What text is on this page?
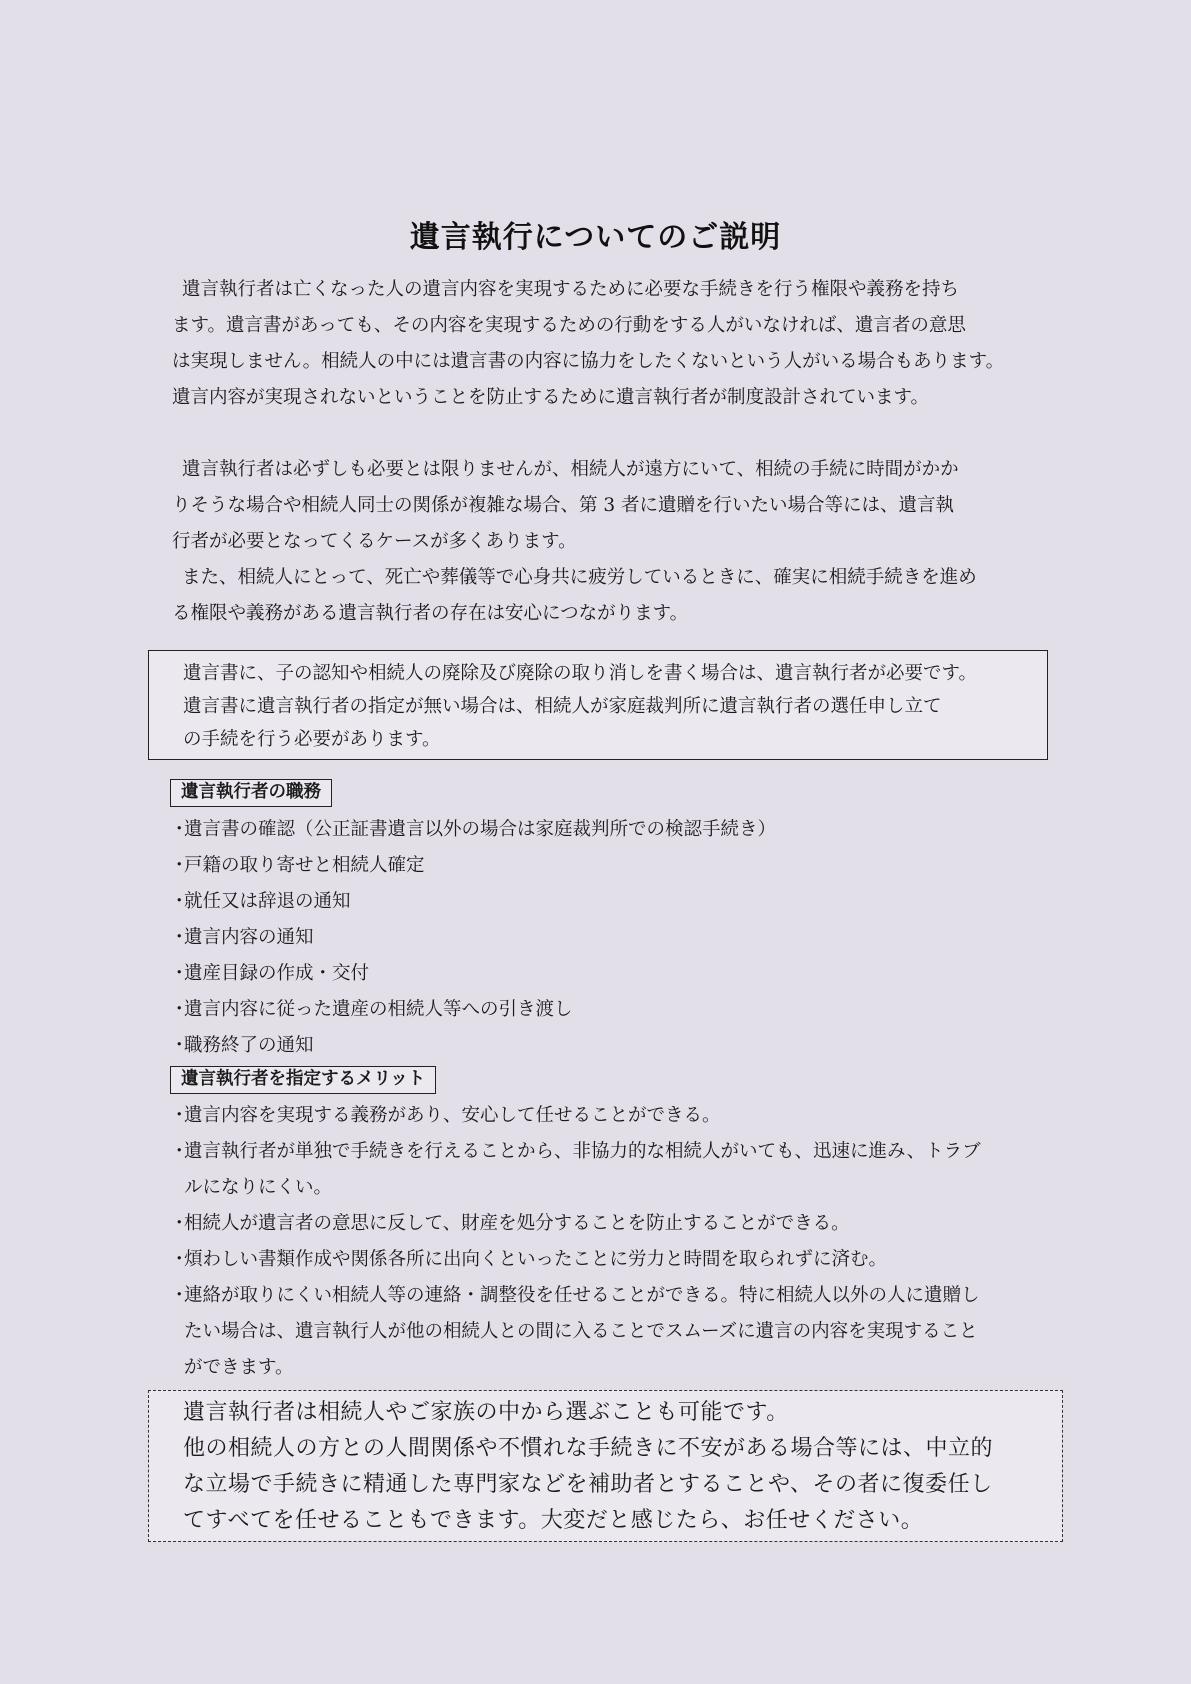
遺言執行についてのご説明

遺言執行者は亡くなった人の遺言内容を実現するために必要な手続きを行う権限や義務を持ち
ます。遺言書があっても、その内容を実現するための行動をする人がいなければ、遺言者の意思
は実現しません。相続人の中には遺言書の内容に協力をしたくないという人がいる場合もあります。
遺言内容が実現されないということを防止するために遺言執行者が制度設計されています。

遺言執行者は必ずしも必要とは限りませんが、相続人が遠方にいて、相続の手続に時間がかか
りそうな場合や相続人同士の関係が複雑な場合、第 3 者に遺贈を行いたい場合等には、遺言執
行者が必要となってくるケースが多くあります。

また、相続人にとって、死亡や葬儀等で心身共に疲労しているときに、確実に相続手続きを進め
る権限や義務がある遺言執行者の存在は安心につながります。

遺言書に、子の認知や相続人の廃除及び廃除の取り消しを書く場合は、遺言執行者が必要です。
遺言書に遺言執行者の指定が無い場合は、相続人が家庭裁判所に遺言執行者の選任申し立て
の手続を行う必要があります。
遺言執行者の職務
・
遺言書の確認（公正証書遺言以外の場合は家庭裁判所での検認手続き）
・
戸籍の取り寄せと相続人確定
・
就任又は辞退の通知
・
遺言内容の通知
・
遺産目録の作成・交付
・
遺言内容に従った遺産の相続人等への引き渡し
・
職務終了の通知
遺言執行者を指定するメリット
・
遺言内容を実現する義務があり、安心して任せることができる。
・
遺言執行者が単独で手続きを行えることから、非協力的な相続人がいても、迅速に進み、トラブ
ルになりにくい。
・
相続人が遺言者の意思に反して、財産を処分することを防止することができる。
・
煩わしい書類作成や関係各所に出向くといったことに労力と時間を取られずに済む。
・
連絡が取りにくい相続人等の連絡・調整役を任せることができる。特に相続人以外の人に遺贈し
たい場合は、遺言執行人が他の相続人との間に入ることでスムーズに遺言の内容を実現すること
ができます。
遺言執行者は相続人やご家族の中から選ぶことも可能です。
他の相続人の方との人間関係や不慣れな手続きに不安がある場合等には、中立的
な立場で手続きに精通した専門家などを補助者とすることや、その者に復委任し
てすべてを任せることもできます。大変だと感じたら、お任せください。
